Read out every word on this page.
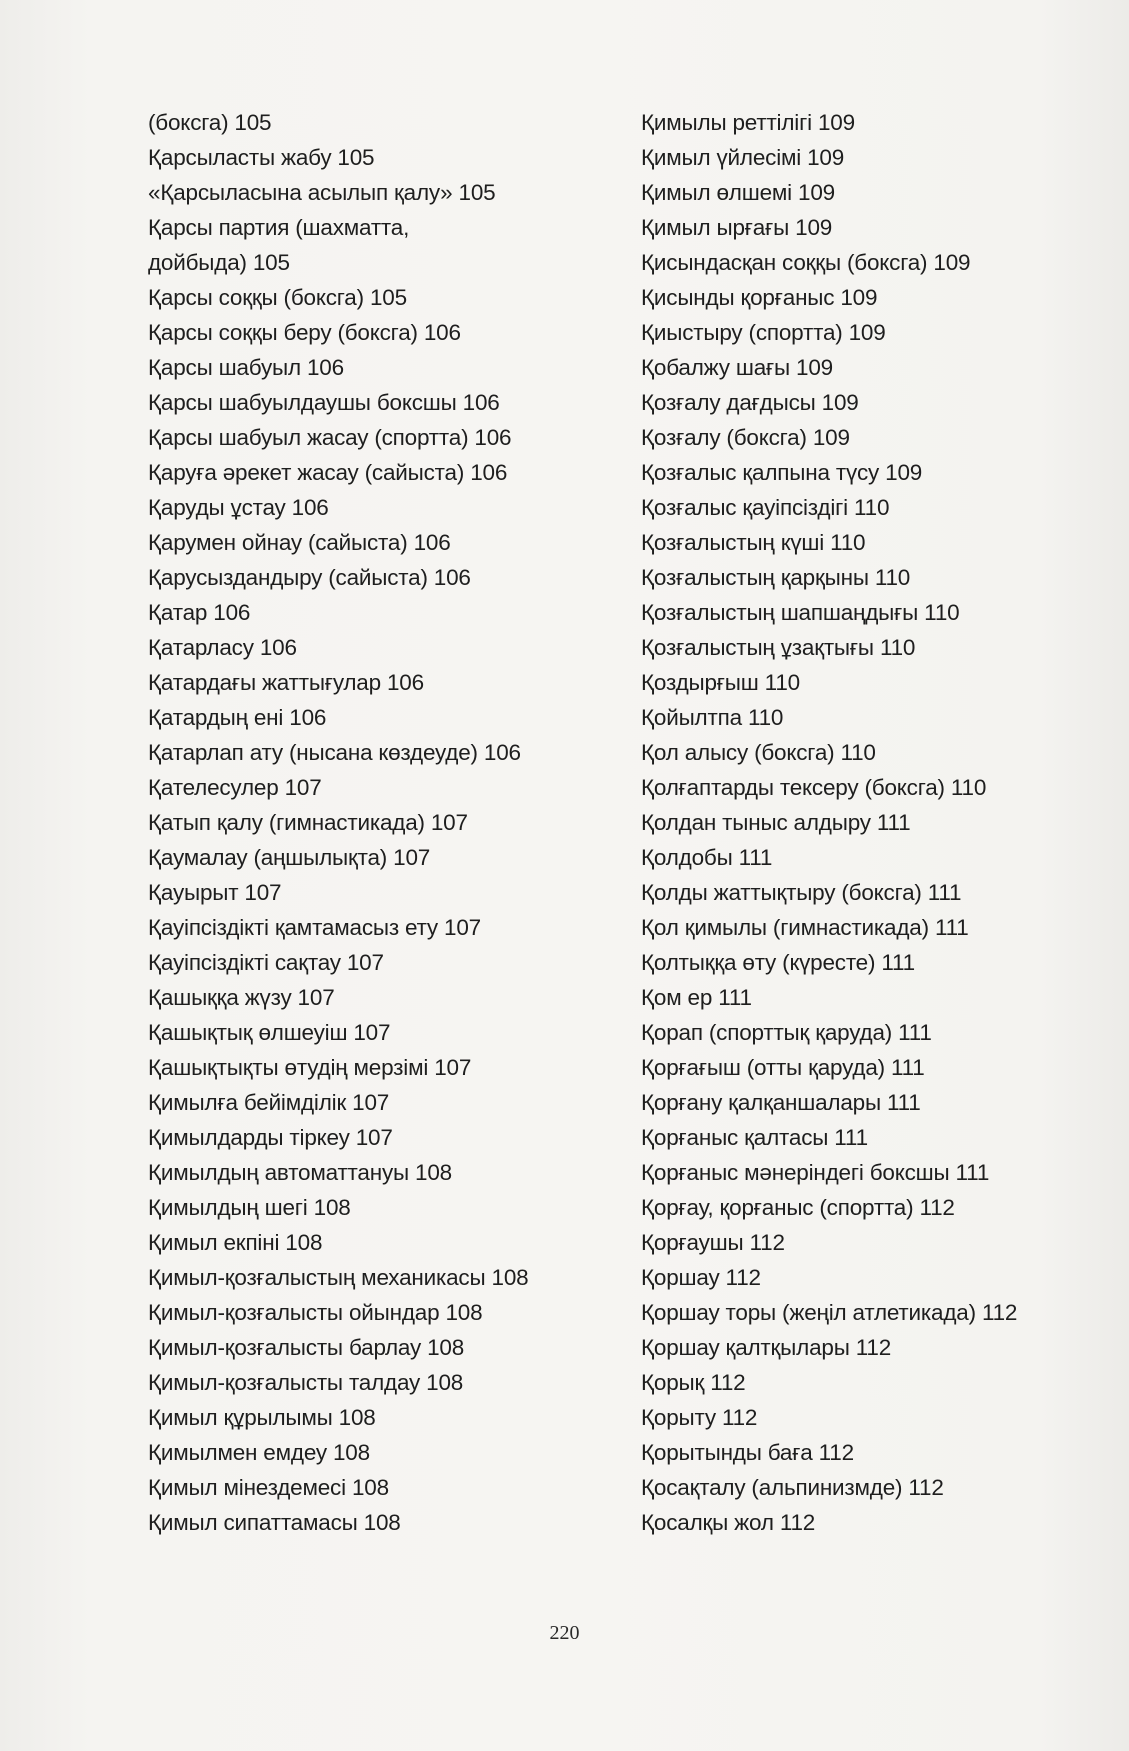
(боксга) 105
Қарсыласты жабу 105
«Қарсыласына асылып қалу» 105
Қарсы партия (шахматта,
дойбыда) 105
Қарсы соққы (боксга) 105
Қарсы соққы беру (боксга) 106
Қарсы шабуыл 106
Қарсы шабуылдаушы боксшы 106
Қарсы шабуыл жасау (спортта) 106
Қаруға әрекет жасау (сайыста) 106
Қаруды ұстау 106
Қарумен ойнау (сайыста) 106
Қарусыздандыру (сайыста) 106
Қатар 106
Қатарласу 106
Қатардағы жаттығулар 106
Қатардың ені 106
Қатарлап ату (нысана көздеуде) 106
Қателесулер 107
Қатып қалу (гимнастикада) 107
Қаумалау (аңшылықта) 107
Қауырыт 107
Қауіпсіздікті қамтамасыз ету 107
Қауіпсіздікті сақтау 107
Қашыққа жүзу 107
Қашықтық өлшеуіш 107
Қашықтықты өтудің мерзімі 107
Қимылға бейімділік 107
Қимылдарды тіркеу 107
Қимылдың автоматтануы 108
Қимылдың шегі 108
Қимыл екпіні 108
Қимыл-қозғалыстың механикасы 108
Қимыл-қозғалысты ойындар 108
Қимыл-қозғалысты барлау 108
Қимыл-қозғалысты талдау 108
Қимыл құрылымы 108
Қимылмен емдеу 108
Қимыл мінездемесі 108
Қимыл сипаттамасы 108
Қимылы реттілігі 109
Қимыл үйлесімі 109
Қимыл өлшемі 109
Қимыл ырғағы 109
Қисындасқан соққы (боксга) 109
Қисынды қорғаныс 109
Қиыстыру (спортта) 109
Қобалжу шағы 109
Қозғалу дағдысы 109
Қозғалу (боксга) 109
Қозғалыс қалпына түсу 109
Қозғалыс қауіпсіздігі 110
Қозғалыстың күші 110
Қозғалыстың қарқыны 110
Қозғалыстың шапшаңдығы 110
Қозғалыстың ұзақтығы 110
Қоздырғыш 110
Қойылтпа 110
Қол алысу (боксга) 110
Қолғаптарды тексеру (боксга) 110
Қолдан тыныс алдыру 111
Қолдобы 111
Қолды жаттықтыру (боксга) 111
Қол қимылы (гимнастикада) 111
Қолтыққа өту (күресте) 111
Қом ер 111
Қорап (спорттық қаруда) 111
Қорғағыш (отты қаруда) 111
Қорғану қалқаншалары 111
Қорғаныс қалтасы 111
Қорғаныс мәнеріндегі боксшы 111
Қорғау, қорғаныс (спортта) 112
Қорғаушы 112
Қоршау 112
Қоршау торы (жеңіл атлетикада) 112
Қоршау қалтқылары 112
Қорық 112
Қорыту 112
Қорытынды баға 112
Қосақталу (альпинизмде) 112
Қосалқы жол 112
220
